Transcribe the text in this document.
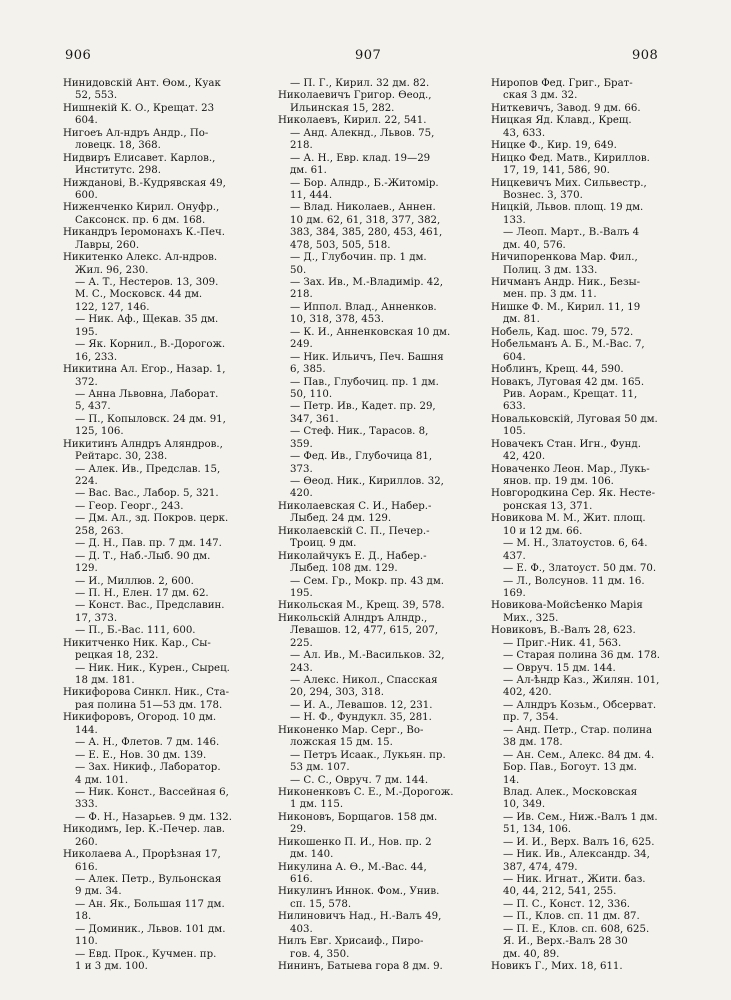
906	907	908
Нинидовскій Ант. Өом., Куак
52, 553.
Нишнекій К. О., Крещат. 23
604.
Нигоеъ Ал-ндръ Андр., По-
ловецк. 18, 368.
Нидвиръ Елисавет. Карлов.,
Институтс. 298.
Нижданові, В.-Кудрявская 49,
600.
Ниженченко Кирил. Онуфр.,
Саксонск. пр. 6 дм. 168.
Никандръ Іеромонахъ К.-Печ.
Лавры, 260.
Никитенко Алекс. Ал-ндров.
Жил. 96, 230.
— А. Т., Нестеров. 13, 309.
М. С., Московск. 44 дм.
122, 127, 146.
— Ник. Аф., Щекав. 35 дм.
195.
— Як. Корнил., В.-Дорогож.
16, 233.
Никитина Ал. Егор., Назар. 1,
372.
— Анна Львовна, Лаборат.
5, 437.
— П., Копыловск. 24 дм. 91,
125, 106.
Никитинъ Алндръ Аляндров.,
Рейтарс. 30, 238.
— Алек. Ив., Предслав. 15,
224.
— Вас. Вас., Лабор. 5, 321.
— Геор. Георг., 243.
— Дм. Ал., зд. Покров. церк.
258, 263.
— Д. Н., Пав. пр. 7 дм. 147.
— Д. Т., Наб.-Лыб. 90 дм.
129.
— И., Миллюв. 2, 600.
— П. Н., Елен. 17 дм. 62.
— Конст. Вас., Предславин.
17, 373.
— П., Б.-Вас. 111, 600.
Никитченко Ник. Кар., Сы-
рецкая 18, 232.
— Ник. Ник., Курен., Сырец.
18 дм. 181.
Никифорова Синкл. Ник., Ста-
рая полина 51—53 дм. 178.
Никифоровъ, Огород. 10 дм.
144.
— А. Н., Флетов. 7 дм. 146.
— Е. Е., Нов. 30 дм. 139.
— Зах. Никиф., Лаборатор.
4 дм. 101.
— Ник. Конст., Вассейная 6,
333.
— Ф. Н., Назарьев. 9 дм. 132.
Никодимъ, Іер. К.-Печер. лав.
260.
Николаева А., Прорѣзная 17,
616.
— Алек. Петр., Вульонская
9 дм. 34.
— Ан. Як., Большая 117 дм.
18.
— Доминик., Львов. 101 дм.
110.
— Евд. Прок., Кучмен. пр.
1 и 3 дм. 100.
— П. Г., Кирил. 32 дм. 82.
Николаевичъ Григор. Өеод.,
Ильинская 15, 282.
Николаевъ, Кирил. 22, 541.
— Анд. Алекнд., Львов. 75,
218.
— А. Н., Евр. клад. 19—29
дм. 61.
— Бор. Алндр., Б.-Житомір.
11, 444.
— Влад. Николаев., Аннен.
10 дм. 62, 61, 318, 377, 382,
383, 384, 385, 280, 453, 461,
478, 503, 505, 518.
— Д., Глубочин. пр. 1 дм.
50.
— Зах. Ив., М.-Владимір. 42,
218.
— Иппол. Влад., Анненков.
10, 318, 378, 453.
— К. И., Анненковская 10 дм.
249.
— Ник. Ильичъ, Печ. Башня
6, 385.
— Пав., Глубочиц. пр. 1 дм.
50, 110.
— Петр. Ив., Кадет. пр. 29,
347, 361.
— Стеф. Ник., Тарасов. 8,
359.
— Фед. Ив., Глубочица 81,
373.
— Өеод. Ник., Кириллов. 32,
420.
Николаевская С. И., Набер.-
Лыбед. 24 дм. 129.
Николаевскій С. П., Печер.-
Троиц. 9 дм.
Николайчукъ Е. Д., Набер.-
Лыбед. 108 дм. 129.
— Сем. Гр., Мокр. пр. 43 дм.
195.
Никольская М., Крещ. 39, 578.
Никольскій Алндръ Алндр.,
Левашов. 12, 477, 615, 207,
225.
— Ал. Ив., М.-Васильков. 32,
243.
— Алекс. Никол., Спасская
20, 294, 303, 318.
— И. А., Левашов. 12, 231.
— Н. Ф., Фундукл. 35, 281.
Никоненко Мар. Серг., Во-
ложская 15 дм. 15.
— Петръ Исаак., Лукьян. пр.
53 дм. 107.
— С. С., Овруч. 7 дм. 144.
Никоненковъ С. Е., М.-Дорогож.
1 дм. 115.
Никоновъ, Борщагов. 158 дм.
29.
Никошенко П. И., Нов. пр. 2
дм. 140.
Никулина А. Ө., М.-Вас. 44,
616.
Никулинъ Иннок. Фом., Унив.
сп. 15, 578.
Нилиновичъ Над., Н.-Валъ 49,
403.
Нилъ Евг. Хрисаиф., Пиро-
гов. 4, 350.
Нининъ, Батыева гора 8 дм. 9.
Ниропов Фед. Григ., Брат-
ская 3 дм. 32.
Ниткевичъ, Завод. 9 дм. 66.
Ницкая Яд. Клавд., Крещ.
43, 633.
Ницке Ф., Кир. 19, 649.
Ницко Фед. Матв., Кириллов.
17, 19, 141, 586, 90.
Ницкевичъ Мих. Сильвестр.,
Вознес. 3, 370.
Ницкій, Львов. площ. 19 дм.
133.
— Леоп. Март., В.-Валъ 4
дм. 40, 576.
Ничипоренкова Мар. Фил.,
Полиц. 3 дм. 133.
Ничманъ Андр. Ник., Безы-
мен. пр. 3 дм. 11.
Нишке Ф. М., Кирил. 11, 19
дм. 81.
Нобель, Кад. шос. 79, 572.
Нобельманъ А. Б., М.-Вас. 7,
604.
Ноблинъ, Крещ. 44, 590.
Новакъ, Луговая 42 дм. 165.
Рив. Аорам., Крещат. 11,
633.
Новальковскій, Луговая 50 дм.
105.
Новачекъ Стан. Игн., Фунд.
42, 420.
Новаченко Леон. Мар., Лукь-
янов. пр. 19 дм. 106.
Новгородкина Сер. Як. Несте-
ронская 13, 371.
Новикова М. М., Жит. площ.
10 и 12 дм. 66.
— М. Н., Златоустов. 6, 64.
437.
— Е. Ф., Златоуст. 50 дм. 70.
— Л., Волсунов. 11 дм. 16.
169.
Новикова-Мойсѣенко Марія
Мих., 325.
Новиковъ, В.-Валъ 28, 623.
— Приг.-Ник. 41, 563.
— Старая полина 36 дм. 178.
— Овруч. 15 дм. 144.
— Ал-ѣндр Каз., Жилян. 101,
402, 420.
— Алндръ Козьм., Обсерват.
пр. 7, 354.
— Анд. Петр., Стар. полина
38 дм. 178.
— Ан. Сем., Алекс. 84 дм. 4.
Бор. Пав., Богоут. 13 дм.
14.
Влад. Алек., Московская
10, 349.
— Ив. Сем., Ниж.-Валъ 1 дм.
51, 134, 106.
— И. И., Верх. Валъ 16, 625.
— Ник. Ив., Александр. 34,
387, 474, 479.
— Ник. Игнат., Жити. баз.
40, 44, 212, 541, 255.
— П. С., Конст. 12, 336.
— П., Клов. сп. 11 дм. 87.
— П. Е., Клов. сп. 608, 625.
Я. И., Верх.-Валъ 28 30
дм. 40, 89.
Новикъ Г., Мих. 18, 611.
